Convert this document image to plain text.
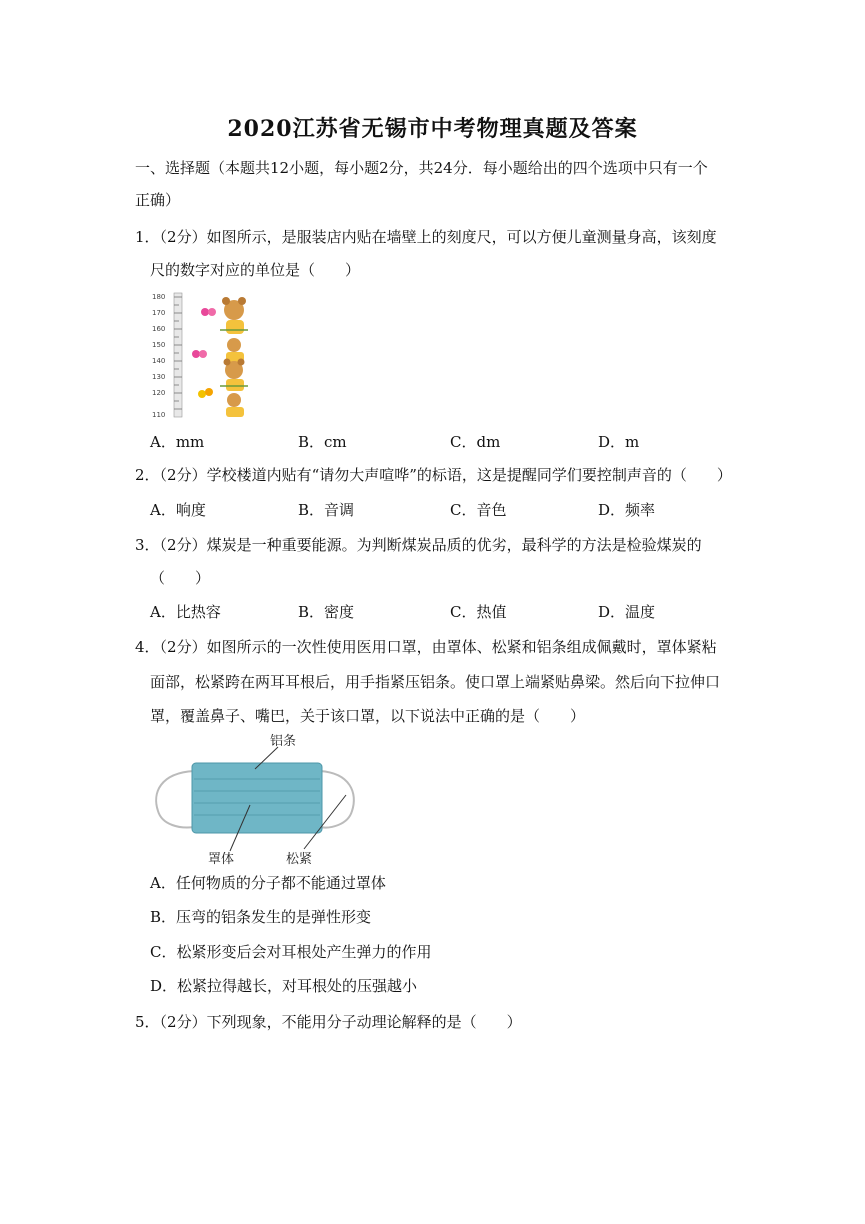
2020江苏省无锡市中考物理真题及答案
一、选择题（本题共12小题，每小题2分，共24分．每小题给出的四个选项中只有一个
正确）
1．（2分）如图所示，是服装店内贴在墙壁上的刻度尺，可以方便儿童测量身高，该刻度
尺的数字对应的单位是（　　）
180
170
160
150
140
130
120
110
A．mm	B．cm	C．dm	D．m
2．（2分）学校楼道内贴有“请勿大声喧哗”的标语，这是提醒同学们要控制声音的（　　）
A．响度	B．音调	C．音色	D．频率
3．（2分）煤炭是一种重要能源。为判断煤炭品质的优劣，最科学的方法是检验煤炭的
（　　）
A．比热容	B．密度	C．热值	D．温度
4．（2分）如图所示的一次性使用医用口罩，由罩体、松紧和铝条组成佩戴时，罩体紧粘
面部，松紧跨在两耳耳根后，用手指紧压铝条。使口罩上端紧贴鼻梁。然后向下拉伸口
罩，覆盖鼻子、嘴巴，关于该口罩，以下说法中正确的是（　　）
铝条
罩体	松紧
A．任何物质的分子都不能通过罩体
B．压弯的铝条发生的是弹性形变
C．松紧形变后会对耳根处产生弹力的作用
D．松紧拉得越长，对耳根处的压强越小
5．（2分）下列现象，不能用分子动理论解释的是（　　）
